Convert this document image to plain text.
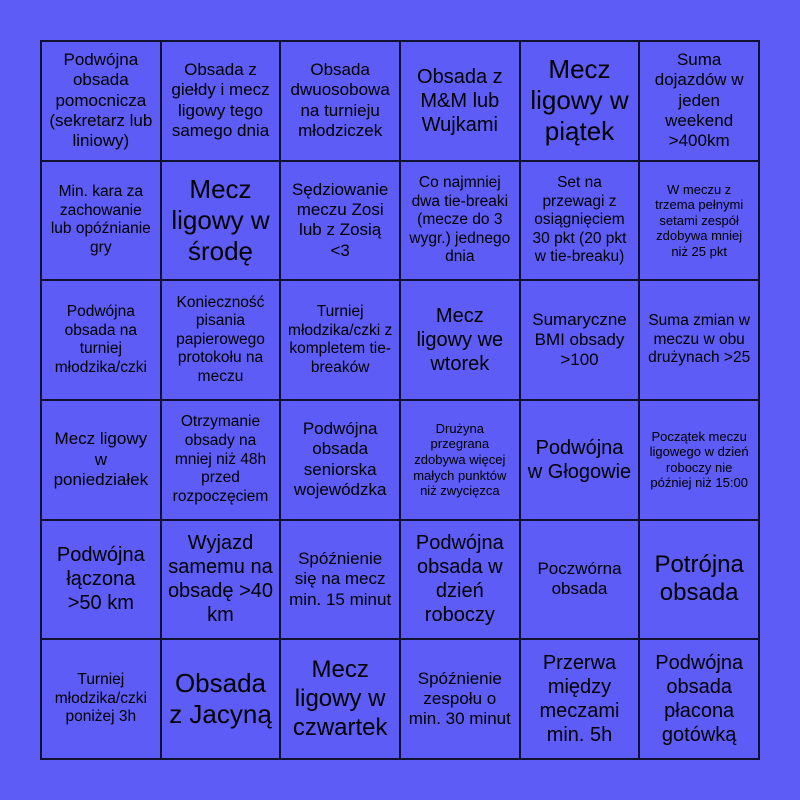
Podwójna obsada pomocnicza (sekretarz lub liniowy)
Obsada z giełdy i mecz ligowy tego samego dnia
Obsada dwuosobowa na turnieju młodziczek
Obsada z M&M lub Wujkami
Mecz ligowy w piątek
Suma dojazdów w jeden weekend >400km
Min. kara za zachowanie lub opóźnianie gry
Mecz ligowy w środę
Sędziowanie meczu Zosi lub z Zosią <3
Co najmniej dwa tie-breaki (mecze do 3 wygr.) jednego dnia
Set na przewagi z osiągnięciem 30 pkt (20 pkt w tie-breaku)
W meczu z trzema pełnymi setami zespół zdobywa mniej niż 25 pkt
Podwójna obsada na turniej młodzika/czki
Konieczność pisania papierowego protokołu na meczu
Turniej młodzika/czki z kompletem tie-breaków
Mecz ligowy we wtorek
Sumaryczne BMI obsady >100
Suma zmian w meczu w obu drużynach >25
Mecz ligowy w poniedziałek
Otrzymanie obsady na mniej niż 48h przed rozpoczęciem
Podwójna obsada seniorska wojewódzka
Drużyna przegrana zdobywa więcej małych punktów niż zwycięzca
Podwójna w Głogowie
Początek meczu ligowego w dzień roboczy nie później niż 15:00
Podwójna łączona >50 km
Wyjazd samemu na obsadę >40 km
Spóźnienie się na mecz min. 15 minut
Podwójna obsada w dzień roboczy
Poczwórna obsada
Potrójna obsada
Turniej młodzika/czki poniżej 3h
Obsada z Jacyną
Mecz ligowy w czwartek
Spóźnienie zespołu o min. 30 minut
Przerwa między meczami min. 5h
Podwójna obsada płacona gotówką
